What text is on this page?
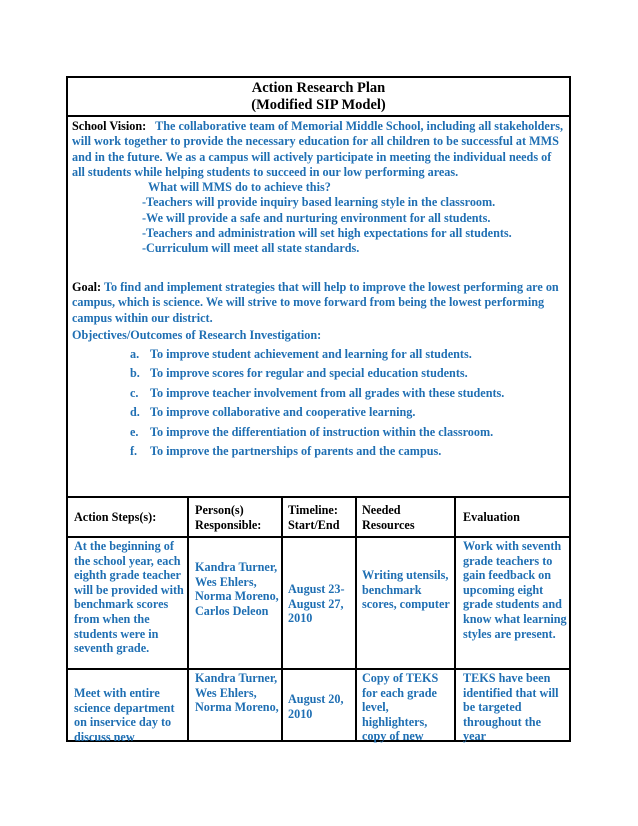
Action Research Plan
(Modified SIP Model)
School Vision: The collaborative team of Memorial Middle School, including all stakeholders, will work together to provide the necessary education for all children to be successful at MMS and in the future. We as a campus will actively participate in meeting the individual needs of all students while helping students to succeed in our low performing areas.
What will MMS do to achieve this?
-Teachers will provide inquiry based learning style in the classroom.
-We will provide a safe and nurturing environment for all students.
-Teachers and administration will set high expectations for all students.
-Curriculum will meet all state standards.
Goal: To find and implement strategies that will help to improve the lowest performing are on campus, which is science. We will strive to move forward from being the lowest performing campus within our district.
Objectives/Outcomes of Research Investigation:
a. To improve student achievement and learning for all students.
b. To improve scores for regular and special education students.
c. To improve teacher involvement from all grades with these students.
d. To improve collaborative and cooperative learning.
e. To improve the differentiation of instruction within the classroom.
f. To improve the partnerships of parents and the campus.
Action Steps(s):	Person(s) Responsible:
Timeline: Start/End
Needed Resources
Evaluation
At the beginning of the school year, each eighth grade teacher will be provided with benchmark scores from when the students were in seventh grade.
Kandra Turner, Wes Ehlers, Norma Moreno, Carlos Deleon
August 23-August 27, 2010
Writing utensils, benchmark scores, computer
Work with seventh grade teachers to gain feedback on upcoming eight grade students and know what learning styles are present.
Meet with entire science department on inservice day to discuss new
Kandra Turner, Wes Ehlers, Norma Moreno,
August 20, 2010
Copy of TEKS for each grade level, highlighters, copy of new
TEKS have been identified that will be targeted throughout the year
